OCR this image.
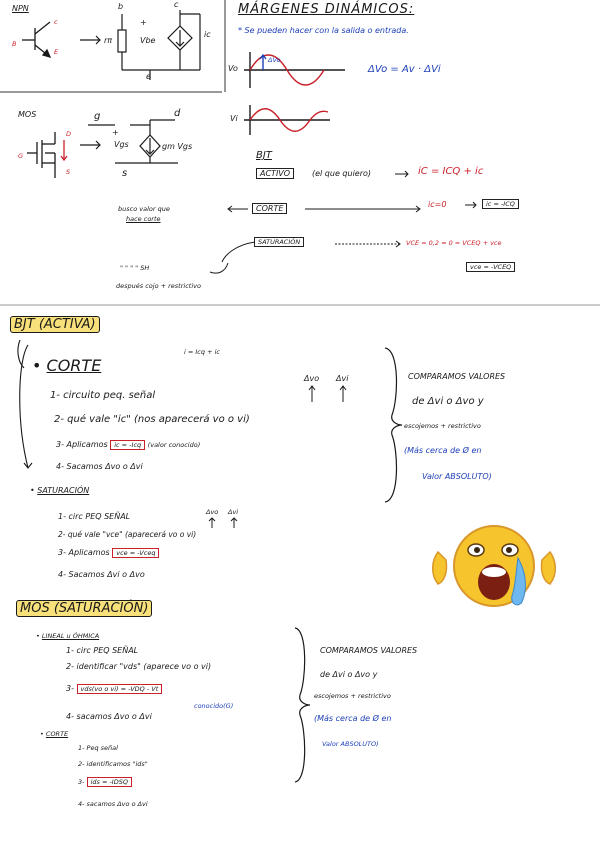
NPN
c
B
E
b	c
rπ
+
Vbe
ic
e
MOS
D
G
S
g	d
+
Vgs	gm Vgs
s
MÁRGENES DINÁMICOS:
* Se pueden hacer con la salida o entrada.
Vo
ΔVo
Vi
ΔVo = Av · ΔVi
BJT
ACTIVO	(el que quiero)	iC = ICQ + ic
busco valor que
hace corte
CORTE	ic=0	ic = -ICQ
SATURACIÓN	VCE = 0,2 ≈ 0 = VCEQ + vce
vce = -VCEQ
" " " " SH
después cojo + restrictivo
BJT (ACTIVA)
i = Icq + ic
• CORTE
Δvo Δvi
1- circuito peq. señal
2- qué vale "ic" (nos aparecerá vo o vi)
3- Aplicamos ic = -Icq (valor conocido)
4- Sacamos Δvo o Δvi
• SATURACIÓN
Δvo Δvi
1- circ PEQ SEÑAL
2- qué vale "vce" (aparecerá vo o vi)
3- Aplicamos vce = -Vceq
4- Sacamos Δvi o Δvo
COMPARAMOS VALORES
de Δvi o Δvo y
escojemos + restrictivo
(Más cerca de Ø en
Valor ABSOLUTO)
MOS (SATURACIÓN)
• LINEAL u ÓHMICA
1- circ PEQ SEÑAL
2- identificar "vds" (aparece vo o vi)
3- vds(vo o vi) = -VDQ - Vt
conocido(G)
4- sacamos Δvo o Δvi
• CORTE
1- Peq señal
2- identificamos "ids"
3- ids = -IDSQ
4- sacamos Δvo o Δvi
COMPARAMOS VALORES
de Δvi o Δvo y
escojemos + restrictivo
(Más cerca de Ø en
Valor ABSOLUTO)
